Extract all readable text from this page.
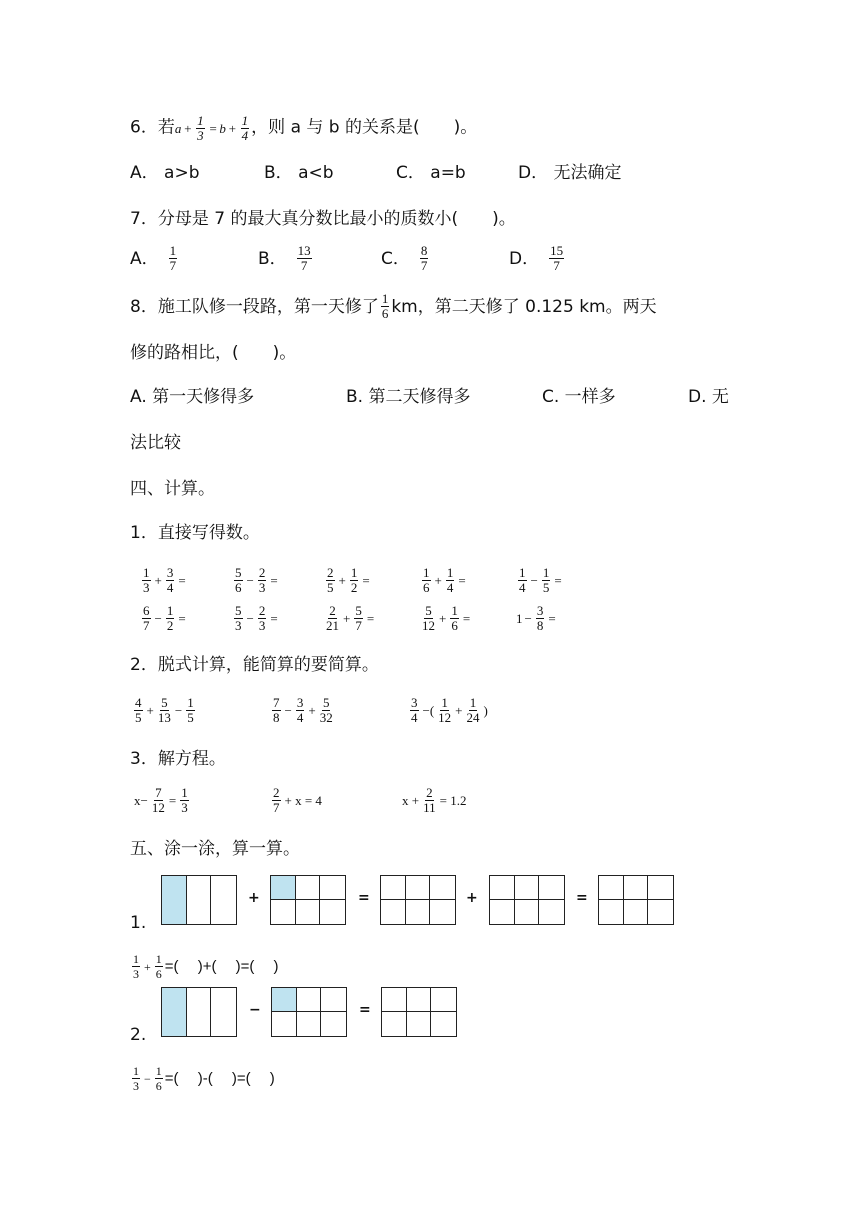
6．若 $a + \frac{1}{3} = b + \frac{1}{4}$ ，则 a 与 b 的关系是(　　)。
A． a>b	B． a<b	C． a=b	D． 无法确定
7．分母是 7 的最大真分数比最小的质数小(　　)。
A． $\frac{1}{7}$	B． $\frac{13}{7}$	C． $\frac{8}{7}$	D． $\frac{15}{7}$
8．施工队修一段路，第一天修了 $\frac{1}{6}$ km，第二天修了 0.125 km。两天
修的路相比，(　　)。
A. 第一天修得多	B. 第二天修得多	C. 一样多	D. 无
法比较
四、计算。
1．直接写得数。
$\frac{1}{3} + \frac{3}{4}$ =	$\frac{5}{6} - \frac{2}{3}$ =	$\frac{2}{5} + \frac{1}{2}$ =	$\frac{1}{6} + \frac{1}{4}$ =	$\frac{1}{4} - \frac{1}{5}$ =
$\frac{6}{7} - \frac{1}{2}$ =	$\frac{5}{3} - \frac{2}{3}$ =	$\frac{2}{21} + \frac{5}{7}$ =	$\frac{5}{12} + \frac{1}{6}$ =	$1 - \frac{3}{8}$ =
2．脱式计算，能简算的要简算。
$\frac{4}{5} + \frac{5}{13} - \frac{1}{5}$	$\frac{7}{8} - \frac{3}{4} + \frac{5}{32}$	$\frac{3}{4}$ −( $\frac{1}{12} + \frac{1}{24}$ )
3．解方程。
$x- \frac{7}{12} = \frac{1}{3}$	$\frac{2}{7} + x = 4$	$x + \frac{2}{11} = 1.2$
五、涂一涂，算一算。
1.
+	=	+	=
$\frac{1}{3} + \frac{1}{6}$ =(　 )+(　 )=(　 )
2.
−	=
$\frac{1}{3} - \frac{1}{6}$ =(　 )-(　 )=(　 )
